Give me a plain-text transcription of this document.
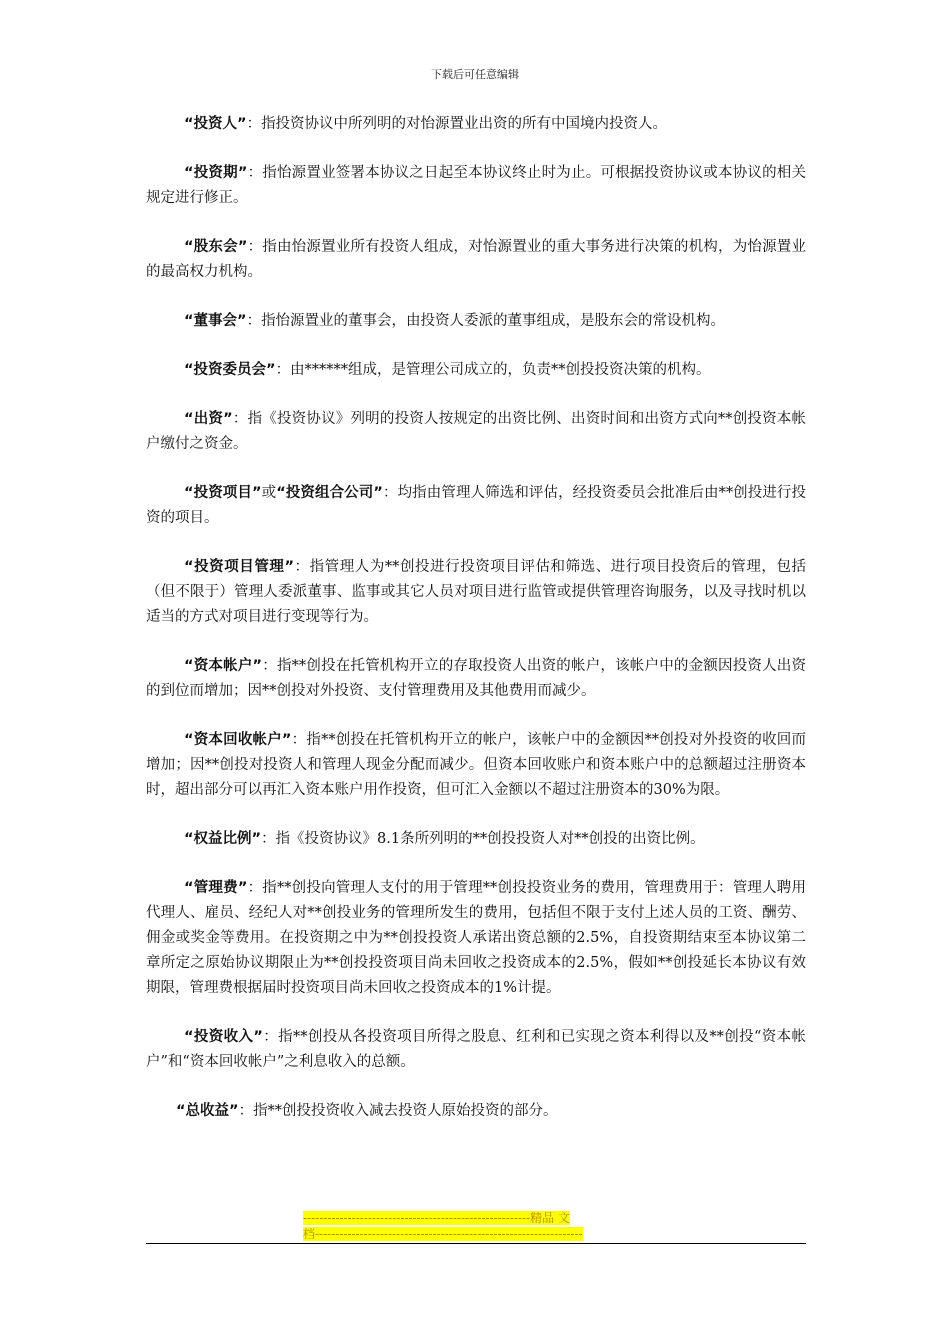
下载后可任意编辑

“投资人”：指投资协议中所列明的对怡源置业出资的所有中国境内投资人。

“投资期”：指怡源置业签署本协议之日起至本协议终止时为止。可根据投资协议或本协议的相关规定进行修正。

“股东会”：指由怡源置业所有投资人组成，对怡源置业的重大事务进行决策的机构，为怡源置业的最高权力机构。

“董事会”：指怡源置业的董事会，由投资人委派的董事组成，是股东会的常设机构。

“投资委员会”：由******组成，是管理公司成立的，负责**创投投资决策的机构。

“出资”：指《投资协议》列明的投资人按规定的出资比例、出资时间和出资方式向**创投资本帐户缴付之资金。

“投资项目”或“投资组合公司”：均指由管理人筛选和评估，经投资委员会批准后由**创投进行投资的项目。

“投资项目管理”：指管理人为**创投进行投资项目评估和筛选、进行项目投资后的管理，包括（但不限于）管理人委派董事、监事或其它人员对项目进行监管或提供管理咨询服务，以及寻找时机以适当的方式对项目进行变现等行为。

“资本帐户”：指**创投在托管机构开立的存取投资人出资的帐户，该帐户中的金额因投资人出资的到位而增加；因**创投对外投资、支付管理费用及其他费用而减少。

“资本回收帐户”：指**创投在托管机构开立的帐户，该帐户中的金额因**创投对外投资的收回而增加；因**创投对投资人和管理人现金分配而减少。但资本回收账户和资本账户中的总额超过注册资本时，超出部分可以再汇入资本账户用作投资，但可汇入金额以不超过注册资本的30%为限。

“权益比例”：指《投资协议》8.1条所列明的**创投投资人对**创投的出资比例。

“管理费”：指**创投向管理人支付的用于管理**创投投资业务的费用，管理费用于：管理人聘用代理人、雇员、经纪人对**创投业务的管理所发生的费用，包括但不限于支付上述人员的工资、酬劳、佣金或奖金等费用。在投资期之中为**创投投资人承诺出资总额的2.5%，自投资期结束至本协议第二章所定之原始协议期限止为**创投投资项目尚未回收之投资成本的2.5%，假如**创投延长本协议有效期限，管理费根据届时投资项目尚未回收之投资成本的1%计提。

“投资收入”：指**创投从各投资项目所得之股息、红利和已实现之资本利得以及**创投“资本帐户”和“资本回收帐户”之利息收入的总额。

“总收益”：指**创投投资收入减去投资人原始投资的部分。

--------------------------------------------------------精品 文
档------------------------------------------------------------------
